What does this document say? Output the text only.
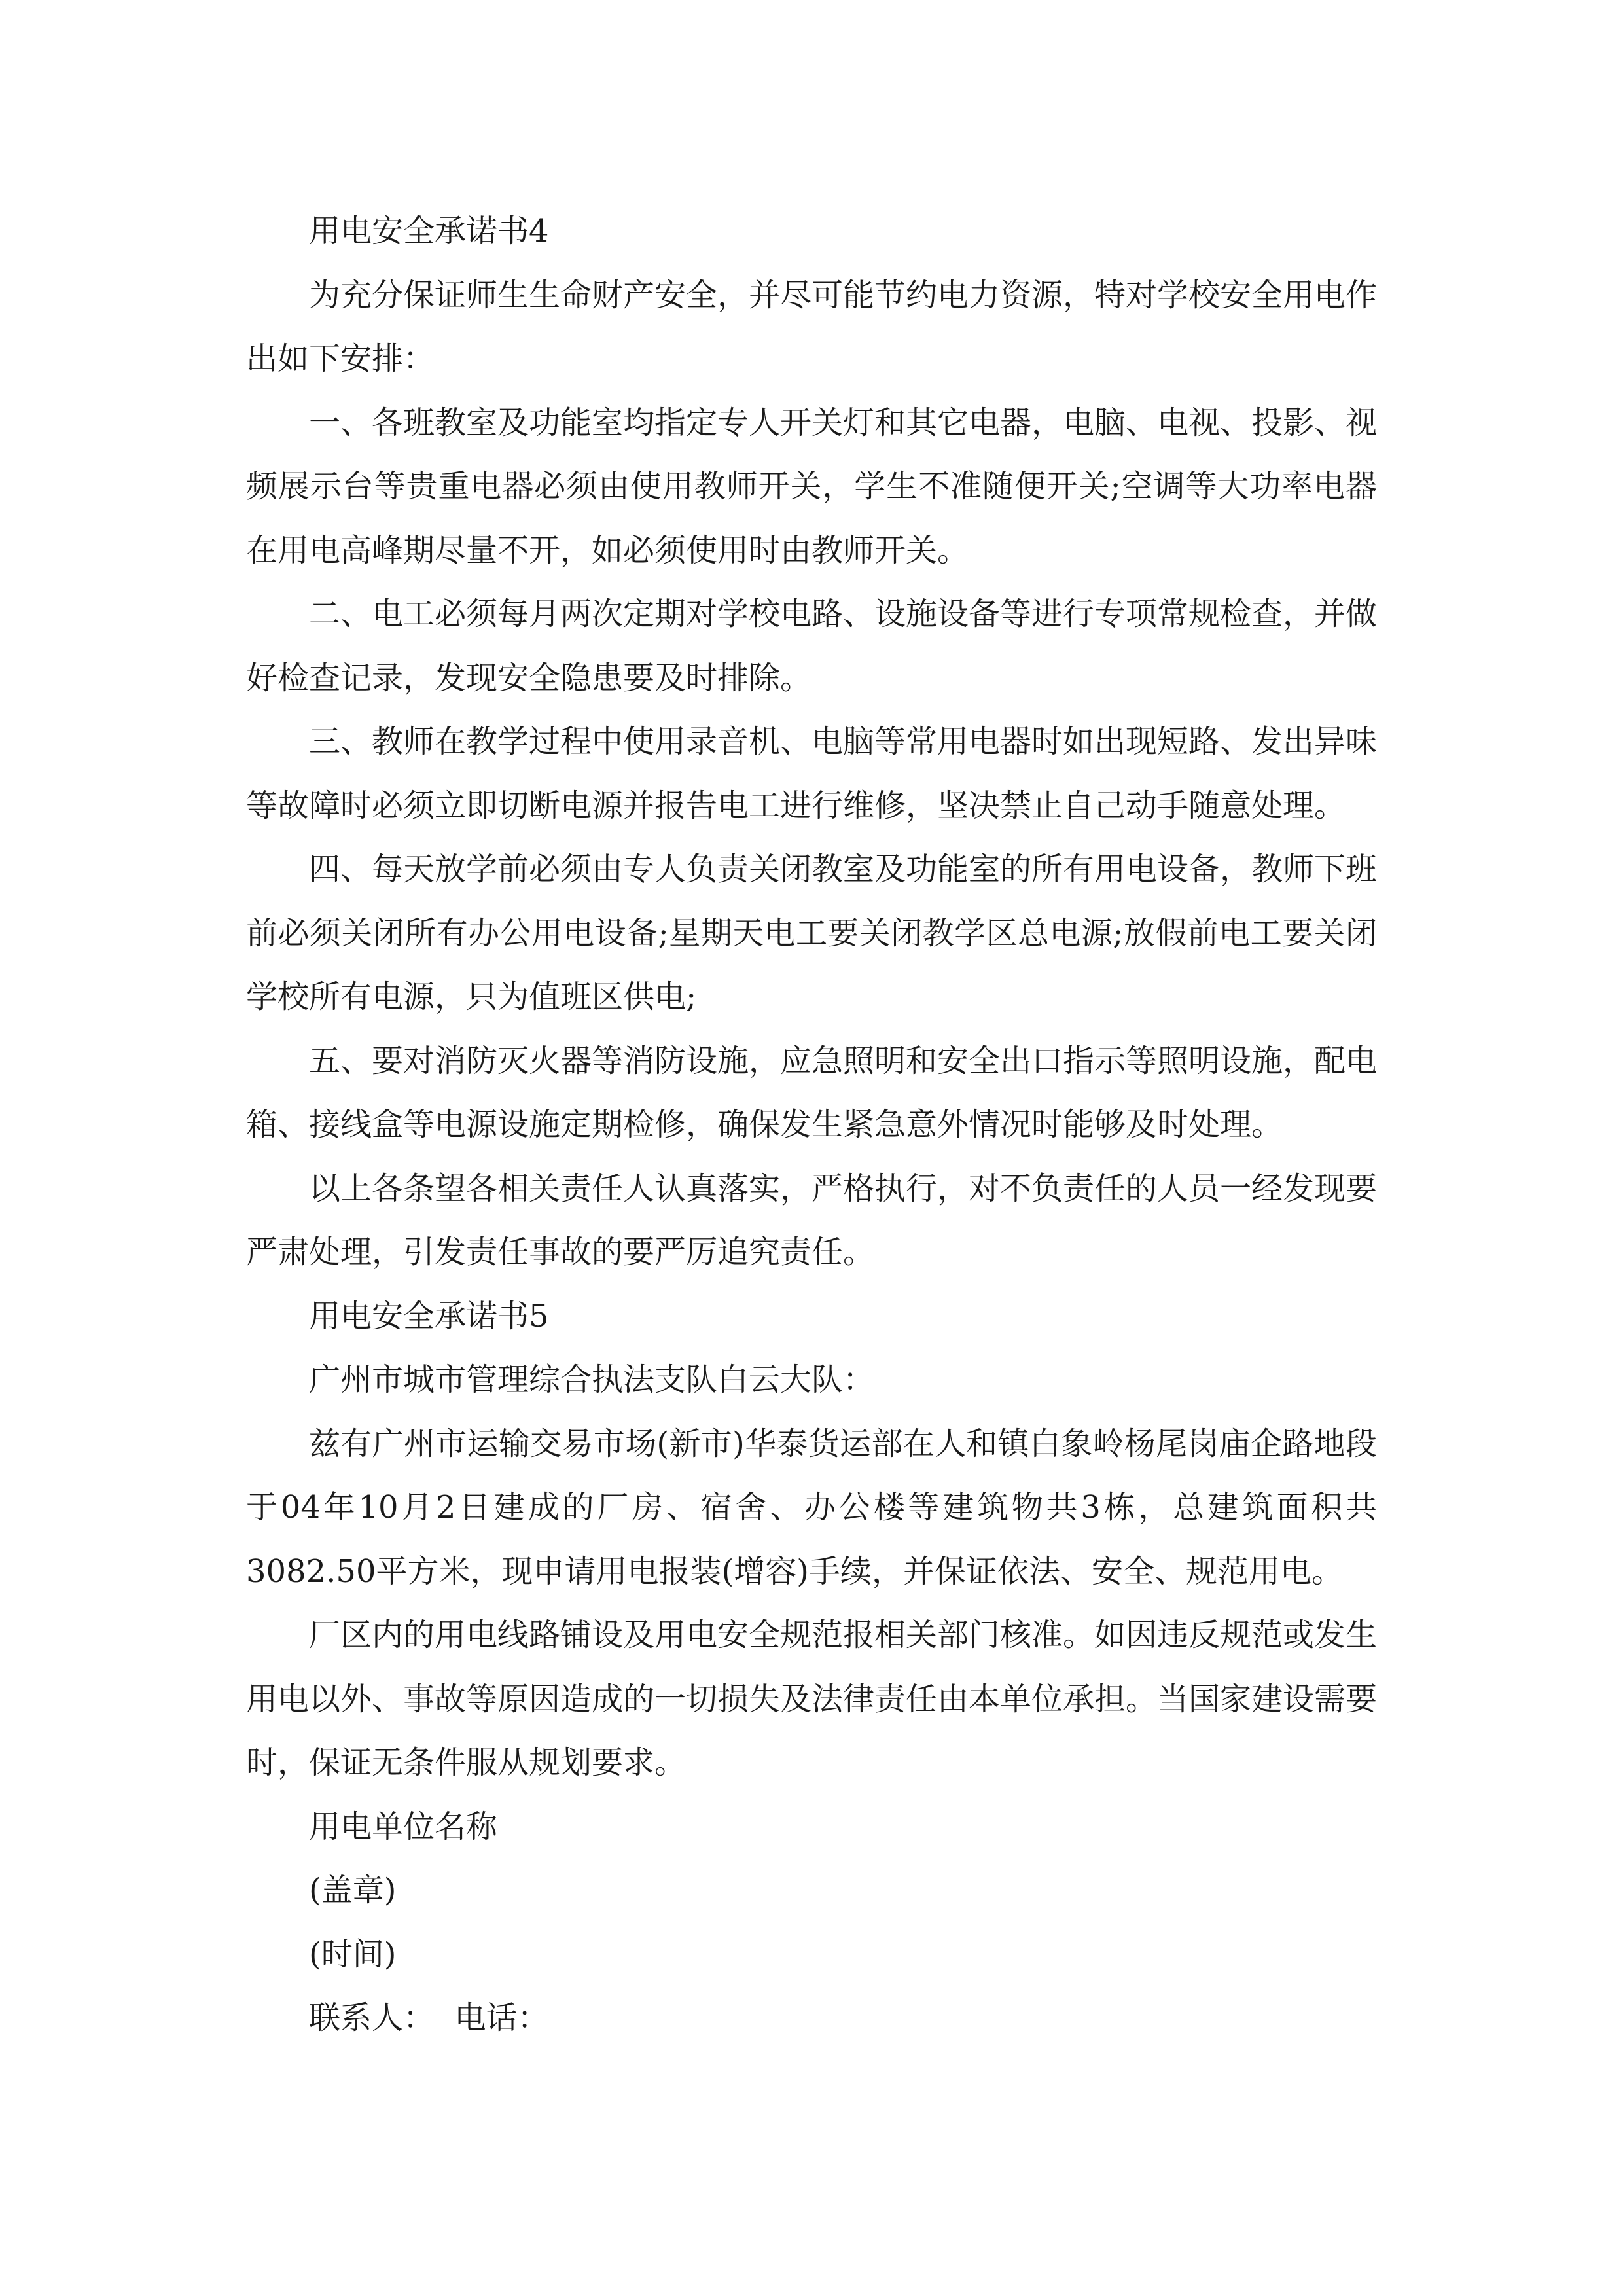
用电安全承诺书4

为充分保证师生生命财产安全，并尽可能节约电力资源，特对学校安全用电作出如下安排：

一、各班教室及功能室均指定专人开关灯和其它电器，电脑、电视、投影、视频展示台等贵重电器必须由使用教师开关，学生不准随便开关;空调等大功率电器在用电高峰期尽量不开，如必须使用时由教师开关。

二、电工必须每月两次定期对学校电路、设施设备等进行专项常规检查，并做好检查记录，发现安全隐患要及时排除。

三、教师在教学过程中使用录音机、电脑等常用电器时如出现短路、发出异味等故障时必须立即切断电源并报告电工进行维修，坚决禁止自己动手随意处理。

四、每天放学前必须由专人负责关闭教室及功能室的所有用电设备，教师下班前必须关闭所有办公用电设备;星期天电工要关闭教学区总电源;放假前电工要关闭学校所有电源，只为值班区供电;

五、要对消防灭火器等消防设施，应急照明和安全出口指示等照明设施，配电箱、接线盒等电源设施定期检修，确保发生紧急意外情况时能够及时处理。

以上各条望各相关责任人认真落实，严格执行，对不负责任的人员一经发现要严肃处理，引发责任事故的要严厉追究责任。

用电安全承诺书5

广州市城市管理综合执法支队白云大队：

兹有广州市运输交易市场(新市)华泰货运部在人和镇白象岭杨尾岗庙企路地段于04年10月2日建成的厂房、宿舍、办公楼等建筑物共3栋，总建筑面积共3082.50平方米，现申请用电报装(增容)手续，并保证依法、安全、规范用电。

厂区内的用电线路铺设及用电安全规范报相关部门核准。如因违反规范或发生用电以外、事故等原因造成的一切损失及法律责任由本单位承担。当国家建设需要时，保证无条件服从规划要求。

用电单位名称

(盖章)

(时间)

联系人：  电话：
